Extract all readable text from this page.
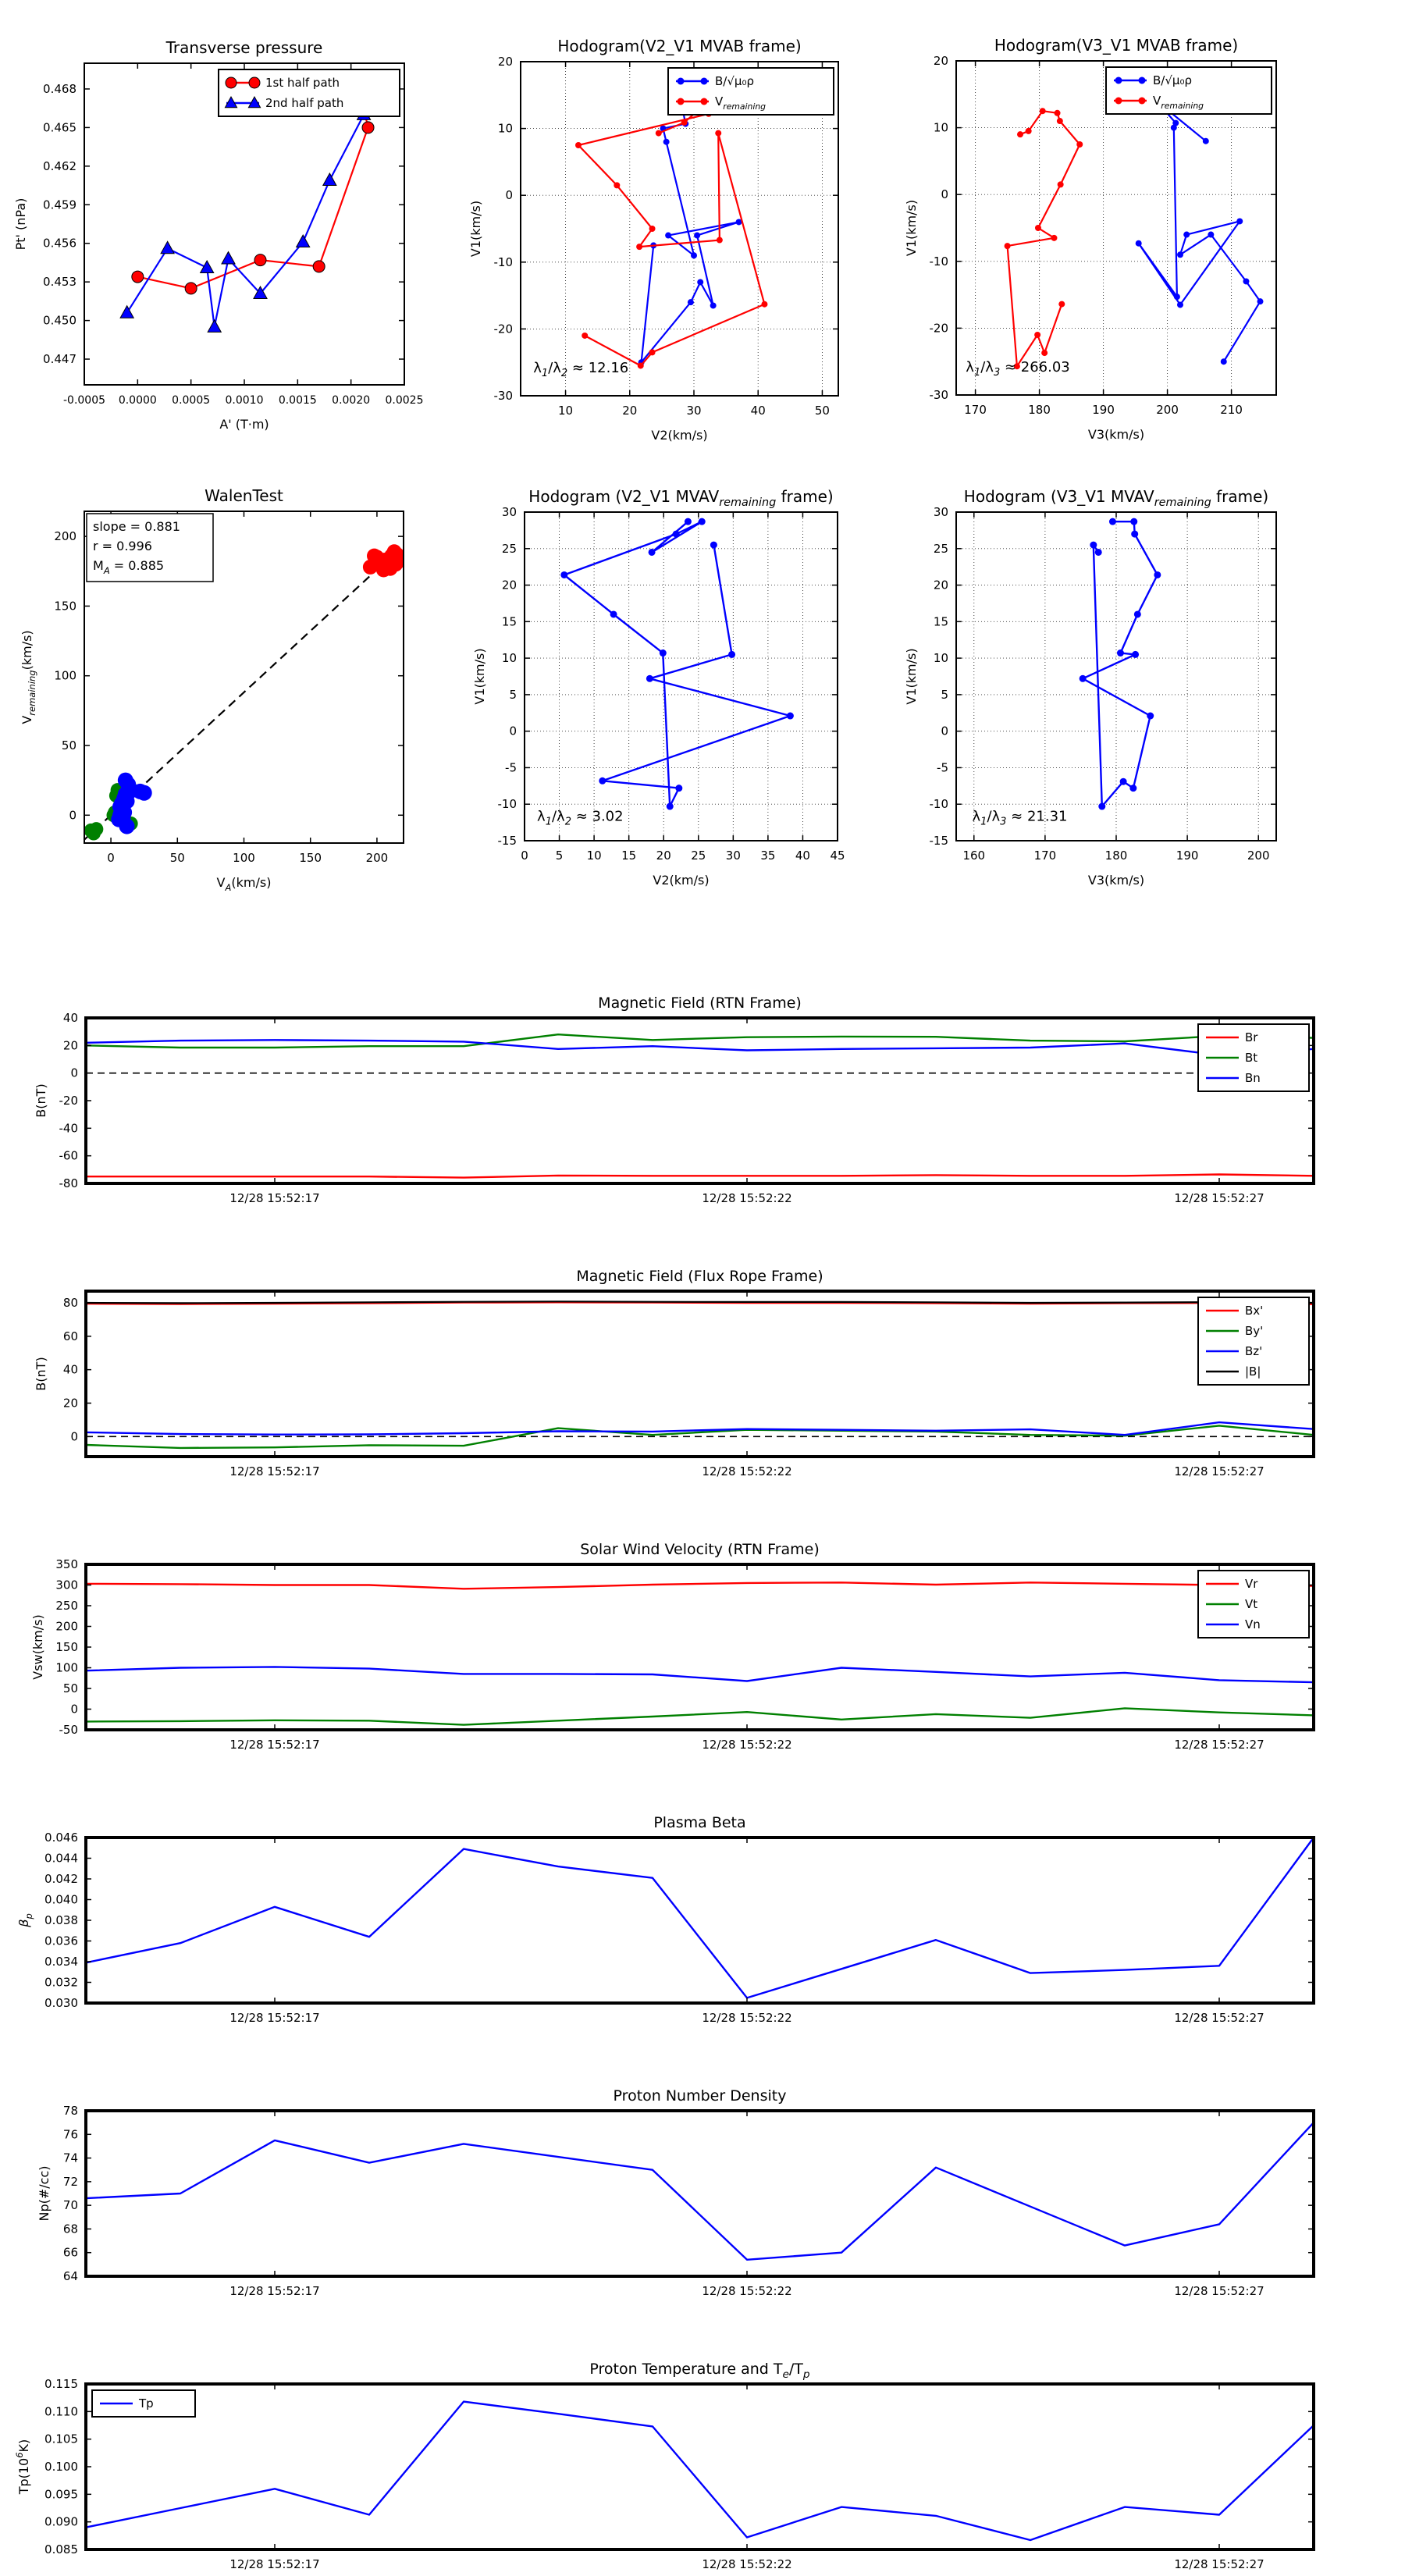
-0.0005 0.0000 0.0005 0.0010 0.0015 0.0020 0.0025
0.447
0.450
0.453
0.456
0.459
0.462
0.465
0.468
Transverse pressure
A' (T·m)
Pt' (nPa)
1st half path
2nd half path
10	20	30	40	50
-30
-20
-10
0
10
20
Hodogram(V2_V1 MVAB frame)
V2(km/s)
V1(km/s)
$\lambda_1/\lambda_2 \approx 12.16$
B/√μ₀ρ
$V_{remaining}$
170	180	190	200	210
-30
-20
-10
0
10
20
Hodogram(V3_V1 MVAB frame)
V3(km/s)
V1(km/s)
$\lambda_1/\lambda_3 \approx 266.03$
B/√μ₀ρ
$V_{remaining}$
0	50	100	150	200
0
50
100
150
200
WalenTest
$V_A(km/s)$
$V_{remaining}(km/s)$
slope = 0.881
r = 0.996
$M_A = 0.885$
0 5 10 15 20 25 30 35 40 45
-15
-10
-5
0
5
10
15
20
25
30
Hodogram (V2_V1 $MVAV_{remaining}$ frame)
V2(km/s)
V1(km/s)
$\lambda_1/\lambda_2 \approx 3.02$
160	170	180	190	200
-15
-10
-5
0
5
10
15
20
25
30
Hodogram (V3_V1 $MVAV_{remaining}$ frame)
V3(km/s)
V1(km/s)
$\lambda_1/\lambda_3 \approx 21.31$
12/28 15:52:17	12/28 15:52:22	12/28 15:52:27
-80
-60
-40
-20
0
20
40
Magnetic Field (RTN Frame)
B(nT)
Br
Bt
Bn
12/28 15:52:17	12/28 15:52:22	12/28 15:52:27
0
20
40
60
80
Magnetic Field (Flux Rope Frame)
B(nT)
Bx'
By'
Bz'
|B|
12/28 15:52:17	12/28 15:52:22	12/28 15:52:27
-50
0
50
100
150
200
250
300
350
Solar Wind Velocity (RTN Frame)
Vsw(km/s)
Vr
Vt
Vn
12/28 15:52:17	12/28 15:52:22	12/28 15:52:27
0.030
0.032
0.034
0.036
0.038
0.040
0.042
0.044
0.046
Plasma Beta
$\beta_p$
12/28 15:52:17	12/28 15:52:22	12/28 15:52:27
64
66
68
70
72
74
76
78
Proton Number Density
Np(#/cc)
12/28 15:52:17	12/28 15:52:22	12/28 15:52:27
0.085
0.090
0.095
0.100
0.105
0.110
0.115
Proton Temperature and $T_e/T_p$
$Tp(10^6K)$
Tp
